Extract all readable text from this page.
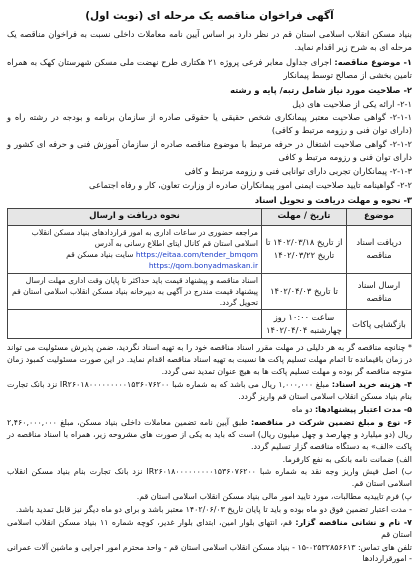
آگهی فراخوان مناقصه یک مرحله ای (نوبت اول)

بنیاد مسکن انقلاب اسلامی استان قم در نظر دارد بر اساس آیین نامه معاملات داخلی نسبت به فراخوان مناقصه یک مرحله ای به شرح زیر اقدام نماید.

۱- موضوع مناقصه: اجرای جداول معابر فرعی پروژه ۲۱ هکتاری طرح نهضت ملی مسکن شهرستان کهک به همراه تامین بخشی از مصالح توسط پیمانکار

۲- صلاحیت مورد نیاز شامل رتبه/ پایه و رشته

۲-۱- ارائه یکی از صلاحیت های ذیل

۲-۱-۱- گواهی صلاحیت معتبر پیمانکاری شخص حقیقی یا حقوقی صادره از سازمان برنامه و بودجه در رشته راه و (دارای توان فنی و رزومه مرتبط و کافی)

۲-۱-۲- گواهی صلاحیت اشتغال در حرفه مرتبط با موضوع مناقصه صادره از سازمان آموزش فنی و حرفه ای کشور و دارای توان فنی و رزومه مرتبط و کافی

۲-۱-۳- پیمانکاران تجربی دارای توانایی فنی و رزومه مرتبط و کافی

۲-۲- گواهینامه تایید صلاحیت ایمنی امور پیمانکاران صادره از وزارت تعاون، کار و رفاه اجتماعی

۳- نحوه و مهلت دریافت و تحویل اسناد

موضوع	تاریخ / مهلت	نحوه دریافت و ارسال
دریافت اسناد مناقصه	از تاریخ ۱۴۰۲/۰۳/۱۸ تا تاریخ ۱۴۰۲/۰۳/۲۲	مراجعه حضوری در ساعات اداری به امور قراردادهای بنیاد مسکن انقلاب اسلامی استان قم کانال ایتای اطلاع رسانی به آدرس https://eitaa.com/tender_bmqom سایت بنیاد مسکن قم https://qom.bonyadmaskan.ir
ارسال اسناد مناقصه	تا تاریخ ۱۴۰۲/۰۴/۰۳	اسناد مناقصه و پیشنهاد قیمت باید حداکثر تا پایان وقت اداری مهلت ارسال پیشنهاد قیمت مندرج در آگهی به دبیرخانه بنیاد مسکن انقلاب اسلامی استان قم تحویل گردد.
بازگشایی پاکات	ساعت ۱۰:۰۰ روز چهارشنبه ۱۴۰۲/۰۴/۰۴	

* چنانچه مناقصه گر به هر دلیلی در مهلت مقرر اسناد مناقصه خود را به تهیه اسناد نگردید، ضمن پذیرش مسئولیت می تواند در زمان باقیمانده تا اتمام مهلت تسلیم پاکت ها نسبت به تهیه اسناد مناقصه اقدام نماید. در این صورت مسئولیت کمبود زمان متوجه مناقصه گر بوده و مهلت تسلیم پاکت ها به هیچ عنوان تمدید نمی گردد.

۴- هزینه خرید اسناد: مبلغ ۱,۰۰۰,۰۰۰ ریال می باشد که به شماره شبا IR۲۶۰۱۸۰۰۰۰۰۰۰۰۰۱۵۳۶۰۷۶۲۰۰ نزد بانک تجارت بنام بنیاد مسکن انقلاب اسلامی استان قم واریز گردد.

۵- مدت اعتبار پیشنهادها: دو ماه

۶- نوع و مبلغ تضمین شرکت در مناقصه: طبق آیین نامه تضمین معاملات داخلی بنیاد مسکن، مبلغ ۲,۴۶۰,۰۰۰,۰۰۰ ریال (دو میلیارد و چهارصد و چهل میلیون ریال) است که باید به یکی از صورت های مشروحه زیر، همراه با اسناد مناقصه در پاکت «الف» به دستگاه مناقصه گزار تسلیم گردد.

الف) ضمانت نامه بانکی به نفع کارفرما.

ب) اصل فیش واریز وجه نقد به شماره شبا IR۲۶۰۱۸۰۰۰۰۰۰۰۰۰۱۵۳۶۰۷۶۲۰۰ نزد بانک تجارت بنام بنیاد مسکن انقلاب اسلامی استان قم.

پ) فرم تاییدیه مطالبات، مورد تایید امور مالی بنیاد مسکن انقلاب اسلامی استان قم.

- مدت اعتبار تضمین فوق دو ماه بوده و باید تا پایان تاریخ ۱۴۰۲/۰۶/۰۳ معتبر باشد و برای دو ماه دیگر نیز قابل تمدید باشد.

۷- نام و نشانی مناقصه گزار: قم، انتهای بلوار امین، ابتدای بلوار غدیر، کوچه شماره ۱۱ بنیاد مسکن انقلاب اسلامی استان قم

تلفن های تماس: ۰۲۵۳۲۸۵۶۶۱۳-۱۵ - بنیاد مسکن انقلاب اسلامی استان قم - واحد محترم امور اجرایی و ماشین آلات عمرانی - امورقراردادها
